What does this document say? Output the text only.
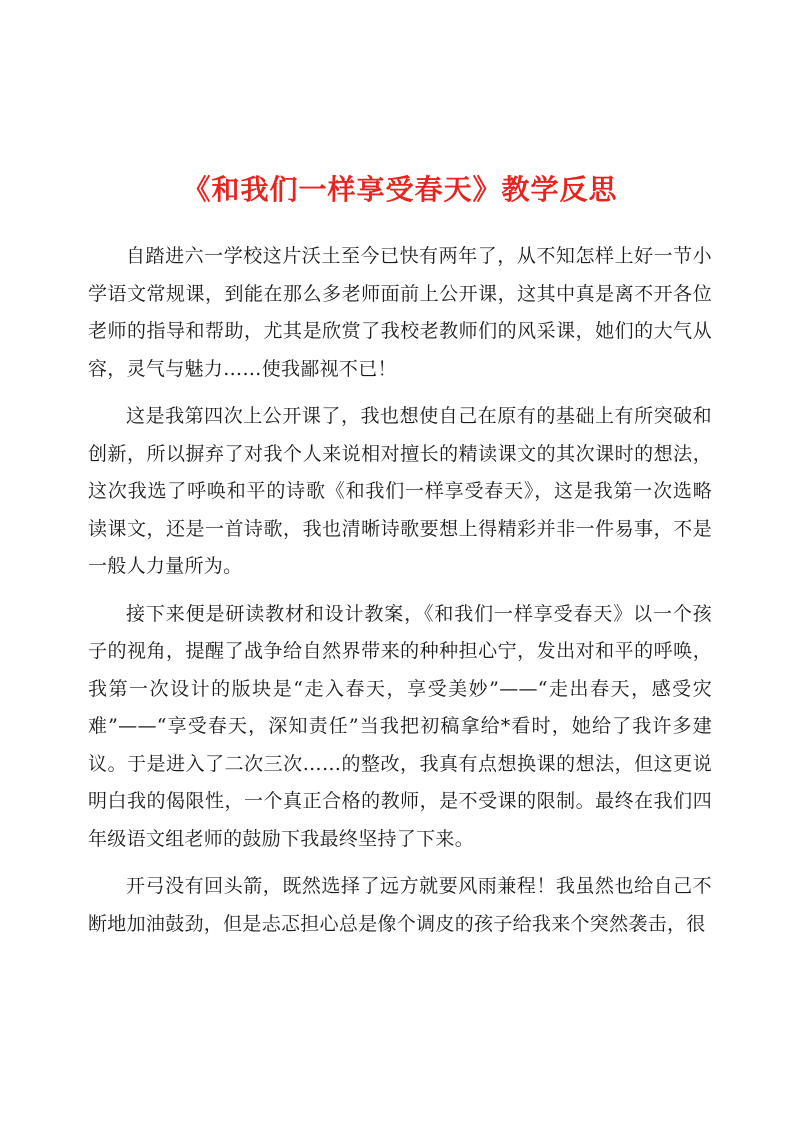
《和我们一样享受春天》教学反思

自踏进六一学校这片沃土至今已快有两年了，从不知怎样上好一节小学语文常规课，到能在那么多老师面前上公开课，这其中真是离不开各位老师的指导和帮助，尤其是欣赏了我校老教师们的风采课，她们的大气从容，灵气与魅力……使我鄙视不已！

这是我第四次上公开课了，我也想使自己在原有的基础上有所突破和创新，所以摒弃了对我个人来说相对擅长的精读课文的其次课时的想法，这次我选了呼唤和平的诗歌《和我们一样享受春天》，这是我第一次选略读课文，还是一首诗歌，我也清晰诗歌要想上得精彩并非一件易事，不是一般人力量所为。

接下来便是研读教材和设计教案，《和我们一样享受春天》以一个孩子的视角，提醒了战争给自然界带来的种种担心宁，发出对和平的呼唤，我第一次设计的版块是“走入春天，享受美妙”——“走出春天，感受灾难”——“享受春天，深知责任”当我把初稿拿给*看时，她给了我许多建议。于是进入了二次三次……的整改，我真有点想换课的想法，但这更说明白我的偈限性，一个真正合格的教师，是不受课的限制。最终在我们四年级语文组老师的鼓励下我最终坚持了下来。

开弓没有回头箭，既然选择了远方就要风雨兼程！我虽然也给自己不断地加油鼓劲，但是忐忑担心总是像个调皮的孩子给我来个突然袭击，很
